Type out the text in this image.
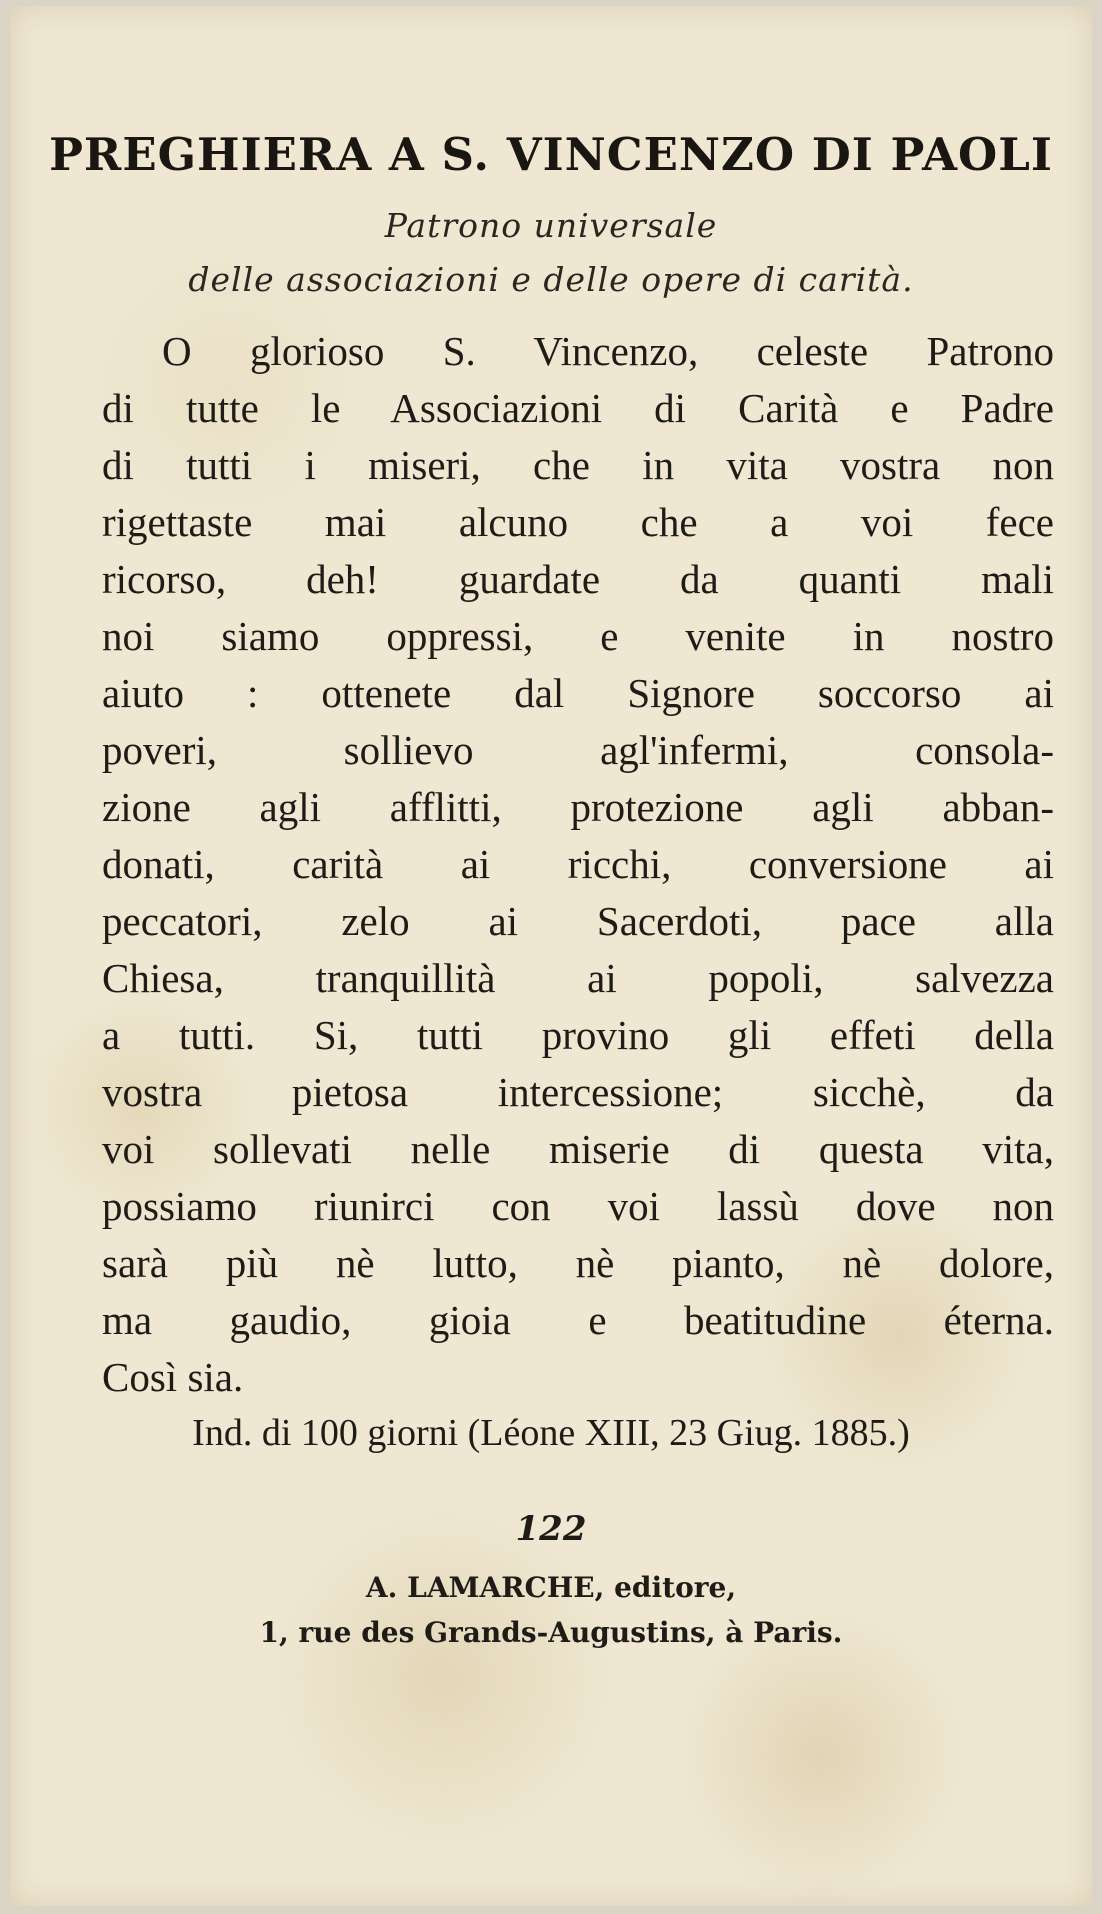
PREGHIERA A S. VINCENZO DI PAOLI
Patrono universale
delle associazioni e delle opere di carità.
O glorioso S. Vincenzo, celeste Patrono
di tutte le Associazioni di Carità e Padre
di tutti i miseri, che in vita vostra non
rigettaste mai alcuno che a voi fece
ricorso, deh! guardate da quanti mali
noi siamo oppressi, e venite in nostro
aiuto : ottenete dal Signore soccorso ai
poveri, sollievo agl'infermi, consola-
zione agli afflitti, protezione agli abban-
donati, carità ai ricchi, conversione ai
peccatori, zelo ai Sacerdoti, pace alla
Chiesa, tranquillità ai popoli, salvezza
a tutti. Si, tutti provino gli effeti della
vostra pietosa intercessione; sicchè, da
voi sollevati nelle miserie di questa vita,
possiamo riunirci con voi lassù dove non
sarà più nè lutto, nè pianto, nè dolore,
ma gaudio, gioia e beatitudine éterna.
Così sia.
Ind. di 100 giorni (Léone XIII, 23 Giug. 1885.)
122
A. LAMARCHE, editore,
1, rue des Grands-Augustins, à Paris.
